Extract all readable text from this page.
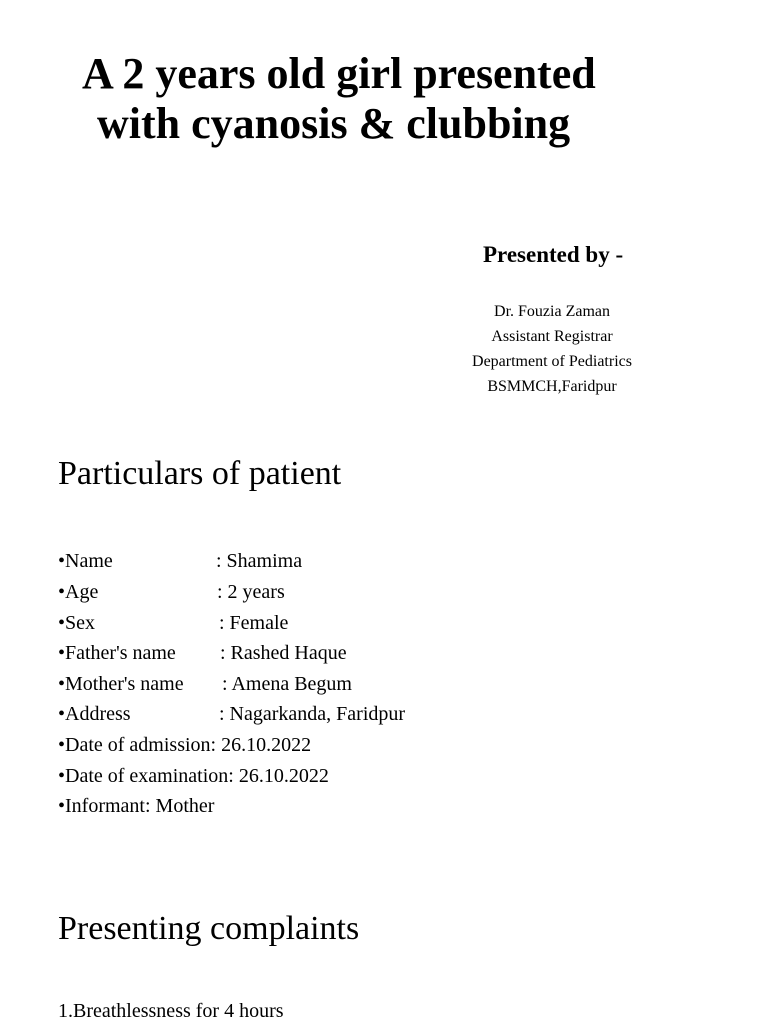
A 2 years old girl presented
with cyanosis & clubbing
Presented by -
Dr. Fouzia Zaman
Assistant Registrar
Department of Pediatrics
BSMMCH,Faridpur
Particulars of patient
•Name	: Shamima
•Age	: 2 years
•Sex	: Female
•Father's name : Rashed Haque
•Mother's name : Amena Begum
•Address	: Nagarkanda, Faridpur
•Date of admission: 26.10.2022
•Date of examination: 26.10.2022
•Informant: Mother
Presenting complaints
1.Breathlessness for 4 hours
